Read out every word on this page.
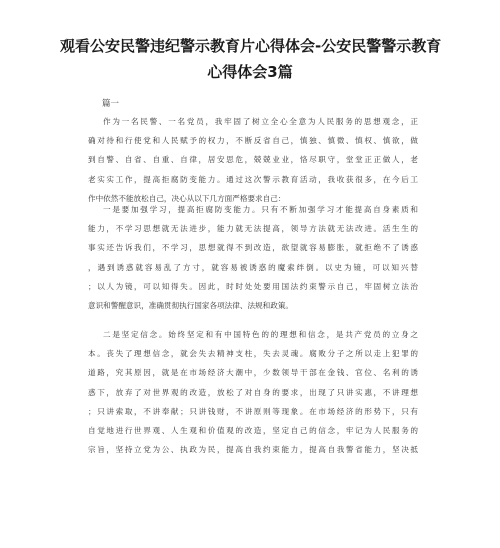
观看公安民警违纪警示教育片心得体会-公安民警警示教育
心得体会3篇
篇一
作为一名民警、一名党员，我牢固了树立全心全意为人民服务的思想观念，正
确对待和行使党和人民赋予的权力，不断反省自己，慎独、慎微、慎权、慎欲，做
到自警、自省、自重、自律，居安思危，兢兢业业，恪尽职守，堂堂正正做人，老
老实实工作，提高拒腐防变能力。通过这次警示教育活动，我收获很多，在今后工
作中依然不能放松自己，决心从以下几方面严格要求自己：
一是要加强学习，提高拒腐防变能力。只有不断加强学习才能提高自身素质和
能力，不学习思想就无法进步，能力就无法提高，领导方法就无法改进。活生生的
事实还告诉我们，不学习，思想就得不到改造，欲望就容易膨胀，就拒绝不了诱惑
，遇到诱惑就容易乱了方寸，就容易被诱惑的魔索绊倒。以史为镜，可以知兴替
；以人为镜，可以知得失。因此，时时处处要用国法约束警示自己，牢固树立法治
意识和警醒意识，准确贯彻执行国家各项法律、法规和政策。
二是坚定信念。始终坚定和有中国特色的的理想和信念，是共产党员的立身之
本。丧失了理想信念，就会失去精神支柱，失去灵魂。腐败分子之所以走上犯罪的
道路，究其原因，就是在市场经济大潮中，少数领导干部在金钱、官位、名利的诱
惑下，放弃了对世界观的改造，放松了对自身的要求，出现了只讲实惠，不讲理想
；只讲索取，不讲奉献；只讲钱财，不讲原则等现象。在市场经济的形势下，只有
自觉地进行世界观、人生观和价值观的改造，坚定自己的信念，牢记为人民服务的
宗旨，坚持立党为公、执政为民，提高自我约束能力，提高自我警省能力，坚决抵
